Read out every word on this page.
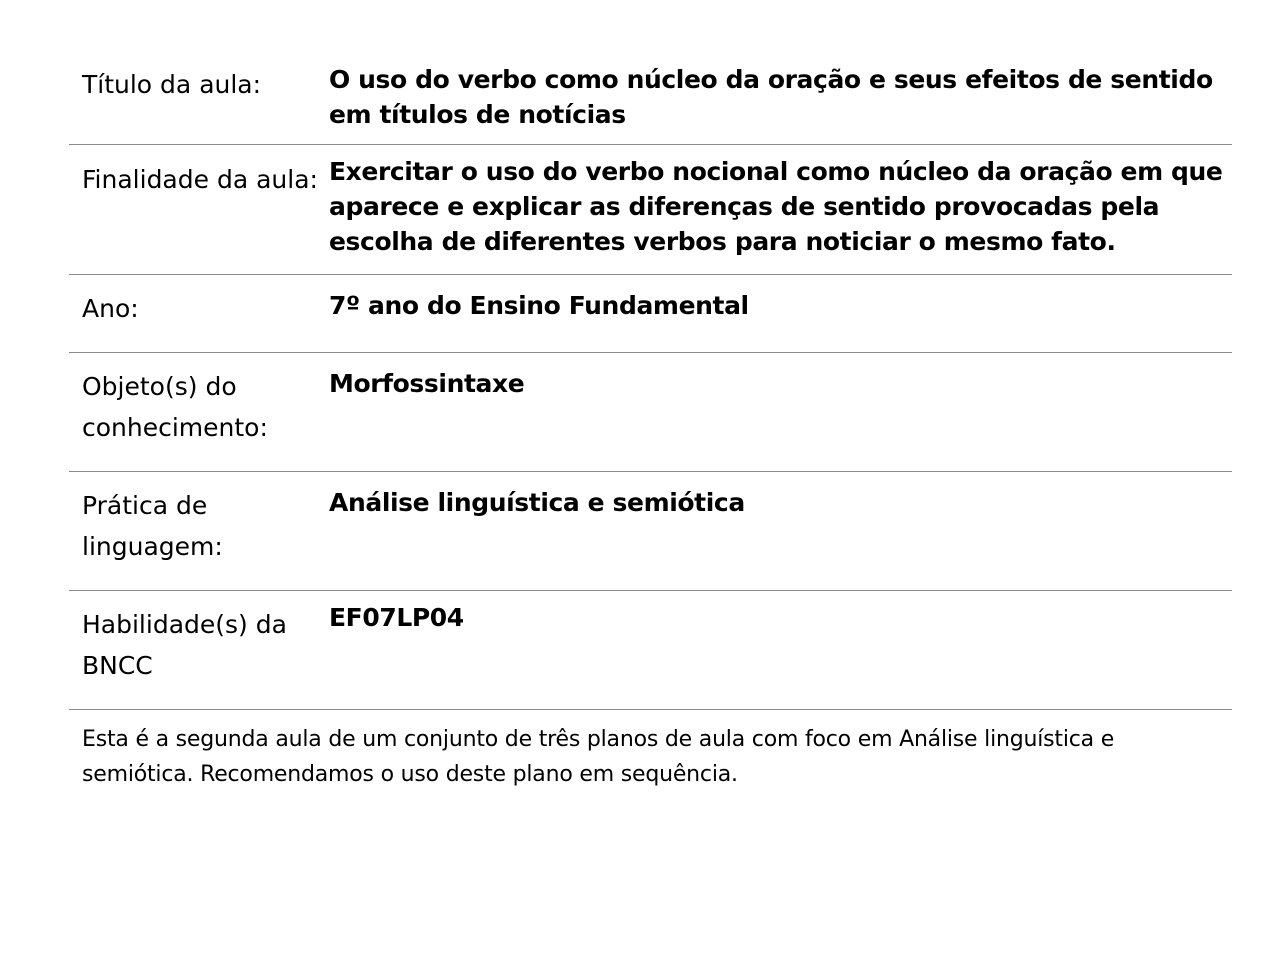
Título da aula:	O uso do verbo como núcleo da oração e seus efeitos de sentido em títulos de notícias
Finalidade da aula: Exercitar o uso do verbo nocional como núcleo da oração em que aparece e explicar as diferenças de sentido provocadas pela escolha de diferentes verbos para noticiar o mesmo fato.
Ano:	7º ano do Ensino Fundamental
Objeto(s) do conhecimento:
Morfossintaxe
Prática de linguagem:
Análise linguística e semiótica
Habilidade(s) da BNCC
EF07LP04
Esta é a segunda aula de um conjunto de três planos de aula com foco em Análise linguística e semiótica. Recomendamos o uso deste plano em sequência.
